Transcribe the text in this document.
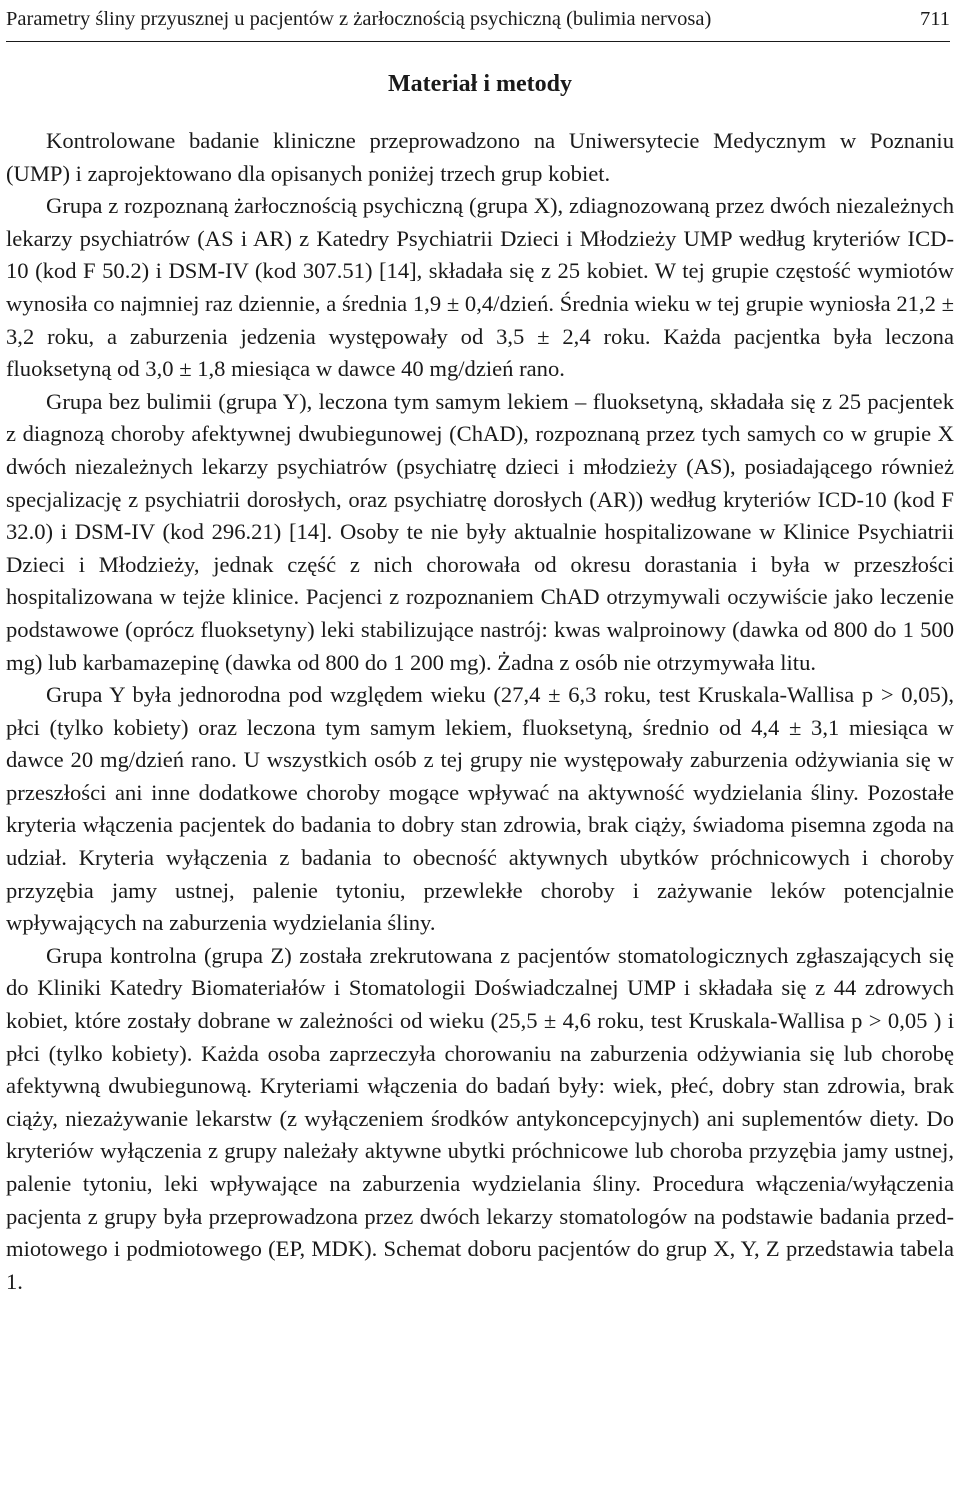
Parametry śliny przyusznej u pacjentów z żarłocznością psychiczną (bulimia nervosa)	711
Materiał i metody

Kontrolowane badanie kliniczne przeprowadzono na Uniwersytecie Medycznym w Poznaniu (UMP) i zaprojektowano dla opisanych poniżej trzech grup kobiet.

Grupa z rozpoznaną żarłocznością psychiczną (grupa X), zdiagnozowaną przez dwóch niezależnych lekarzy psychiatrów (AS i AR) z Katedry Psychiatrii Dzieci i Młodzieży UMP według kryteriów ICD-10 (kod F 50.2) i DSM-IV (kod 307.51) [14], składała się z 25 kobiet. W tej grupie częstość wymiotów wynosiła co najmniej raz dziennie, a średnia 1,9 ± 0,4/dzień. Średnia wieku w tej grupie wyniosła 21,2 ± 3,2 roku, a zaburzenia jedzenia występowały od 3,5 ± 2,4 roku. Każda pacjentka była leczona fluoksetyną od 3,0 ± 1,8 miesiąca w dawce 40 mg/dzień rano.

Grupa bez bulimii (grupa Y), leczona tym samym lekiem – fluoksetyną, składała się z 25 pacjentek z diagnozą choroby afektywnej dwubiegunowej (ChAD), rozpoznaną przez tych samych co w grupie X dwóch niezależnych lekarzy psychiatrów (psychiatrę dzieci i młodzieży (AS), posiadającego również specjalizację z psychiatrii dorosłych, oraz psychiatrę dorosłych (AR)) według kryteriów ICD-10 (kod F 32.0) i DSM-IV (kod 296.21) [14]. Osoby te nie były aktualnie hospitalizowane w Klinice Psychiatrii Dzieci i Młodzieży, jednak część z nich chorowała od okresu dorastania i była w przeszłości hospitalizowana w tejże klinice. Pacjenci z rozpoznaniem ChAD otrzymywali oczywiście jako leczenie podstawowe (oprócz fluoksetyny) leki stabilizujące nastrój: kwas walproinowy (dawka od 800 do 1 500 mg) lub karbamazepinę (dawka od 800 do 1 200 mg). Żadna z osób nie otrzymywała litu.

Grupa Y była jednorodna pod względem wieku (27,4 ± 6,3 roku, test Kruskala-Wallisa p > 0,05), płci (tylko kobiety) oraz leczona tym samym lekiem, fluoksetyną, średnio od 4,4 ± 3,1 miesiąca w dawce 20 mg/dzień rano. U wszystkich osób z tej grupy nie występowały zaburzenia odżywiania się w przeszłości ani inne dodatkowe choroby mogące wpływać na aktywność wydzielania śliny. Pozostałe kryteria włączenia pacjentek do badania to dobry stan zdrowia, brak ciąży, świadoma pisemna zgoda na udział. Kryteria wyłączenia z badania to obecność aktywnych ubytków próchnicowych i choroby przyzębia jamy ustnej, palenie tytoniu, przewlekłe choroby i zażywanie leków potencjalnie wpływających na zaburzenia wydzielania śliny.

Grupa kontrolna (grupa Z) została zrekrutowana z pacjentów stomatologicznych zgłaszających się do Kliniki Katedry Biomateriałów i Stomatologii Doświadczalnej UMP i składała się z 44 zdrowych kobiet, które zostały dobrane w zależności od wieku (25,5 ± 4,6 roku, test Kruskala-Wallisa p > 0,05 ) i płci (tylko kobiety). Każda osoba zaprzeczyła chorowaniu na zaburzenia odżywiania się lub chorobę afektywną dwubiegunową. Kryteriami włączenia do badań były: wiek, płeć, dobry stan zdrowia, brak ciąży, niezażywanie lekarstw (z wyłączeniem środków antykoncepcyjnych) ani suplementów diety. Do kryteriów wyłączenia z grupy należały aktywne ubytki próchnicowe lub choroba przyzębia jamy ustnej, palenie tytoniu, leki wpływające na zaburzenia wydzielania śliny. Procedura włączenia/wyłączenia pacjenta z grupy była przeprowadzona przez dwóch lekarzy stomatologów na podstawie badania przedmiotowego i podmiotowego (EP, MDK). Schemat doboru pacjentów do grup X, Y, Z przedstawia tabela 1.
